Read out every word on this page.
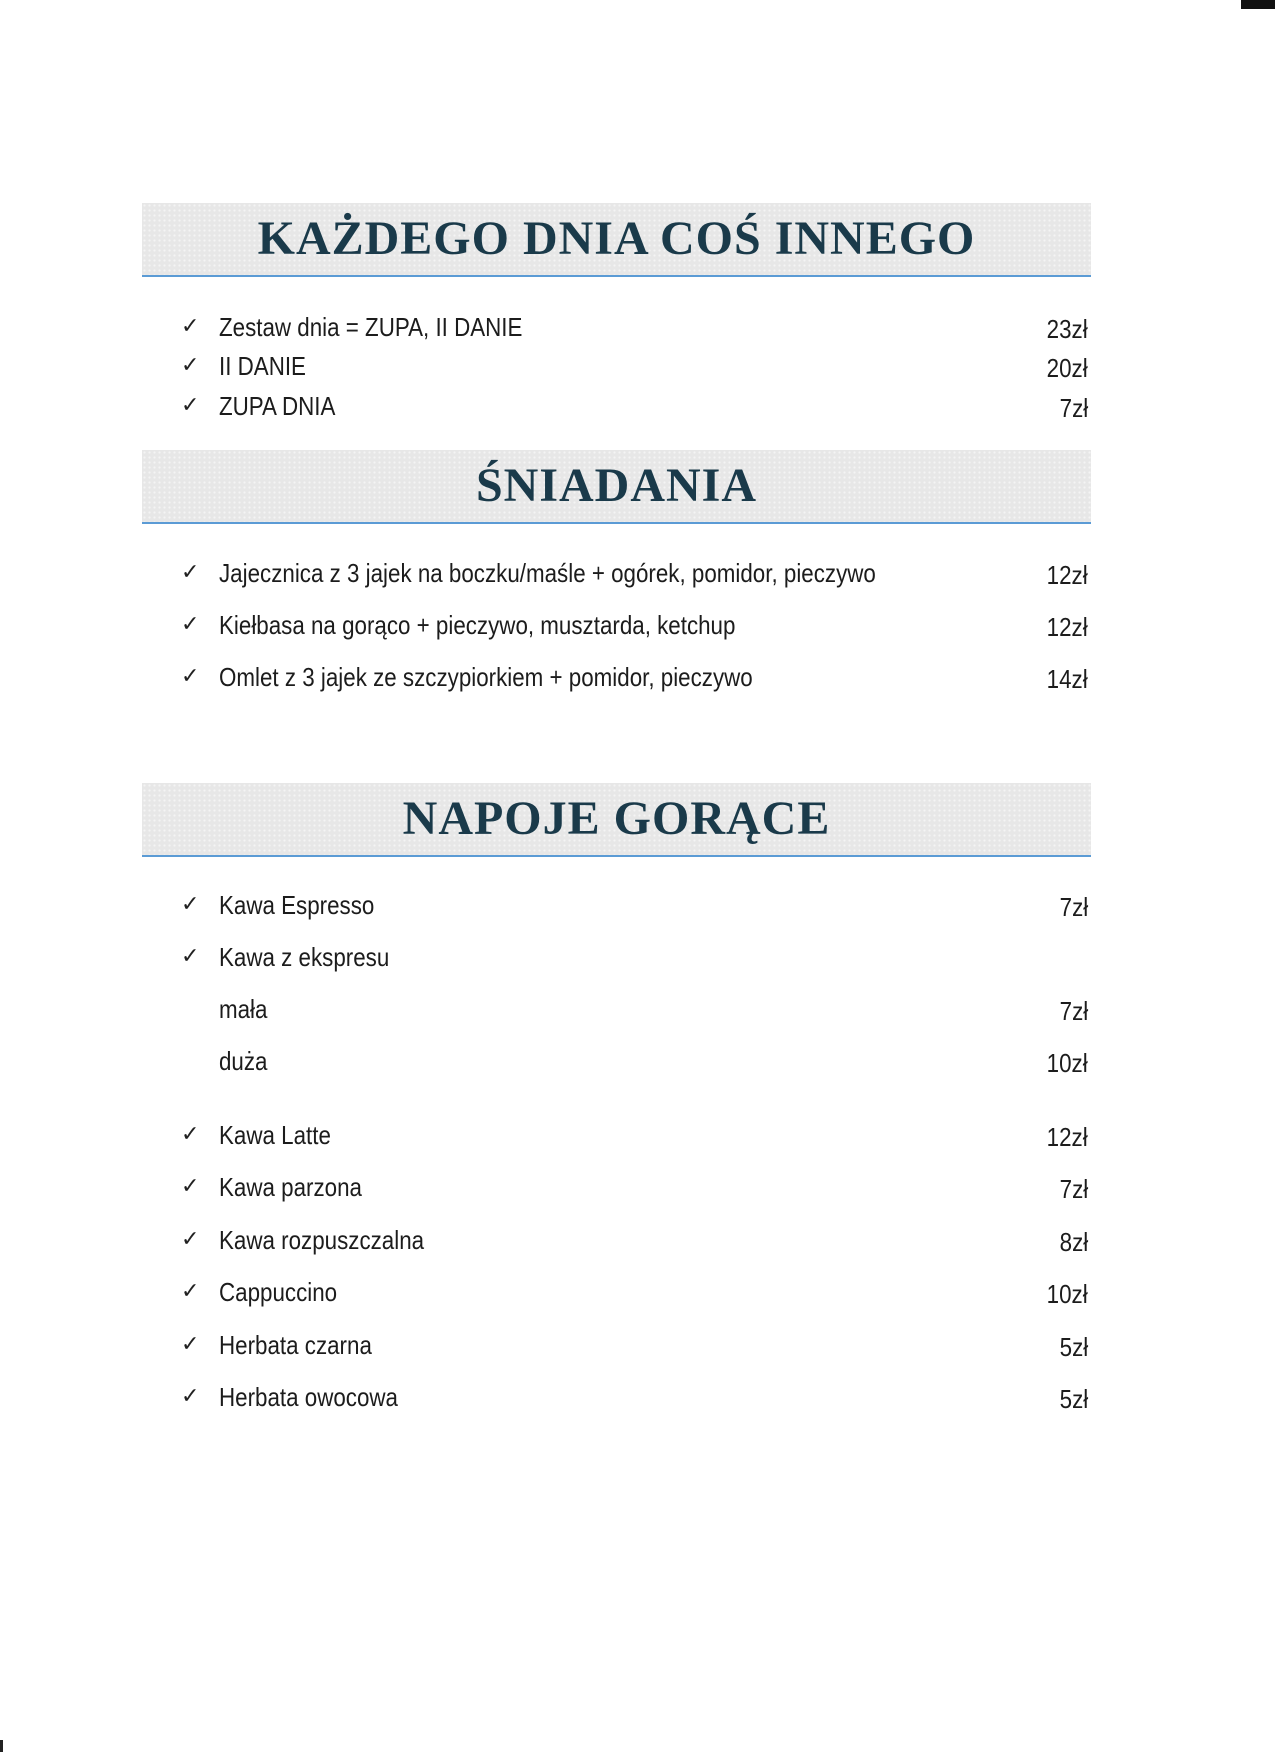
KAŻDEGO DNIA COŚ INNEGO
✓ Zestaw dnia = ZUPA, II DANIE	23zł
✓ II DANIE	20zł
✓ ZUPA DNIA	7zł
ŚNIADANIA
✓ Jajecznica z 3 jajek na boczku/maśle + ogórek, pomidor, pieczywo	12zł
✓ Kiełbasa na gorąco + pieczywo, musztarda, ketchup	12zł
✓ Omlet z 3 jajek ze szczypiorkiem + pomidor, pieczywo	14zł
NAPOJE GORĄCE
✓ Kawa Espresso	7zł
✓ Kawa z ekspresu
mała	7zł
duża	10zł
✓ Kawa Latte	12zł
✓ Kawa parzona	7zł
✓ Kawa rozpuszczalna	8zł
✓ Cappuccino	10zł
✓ Herbata czarna	5zł
✓ Herbata owocowa	5zł
